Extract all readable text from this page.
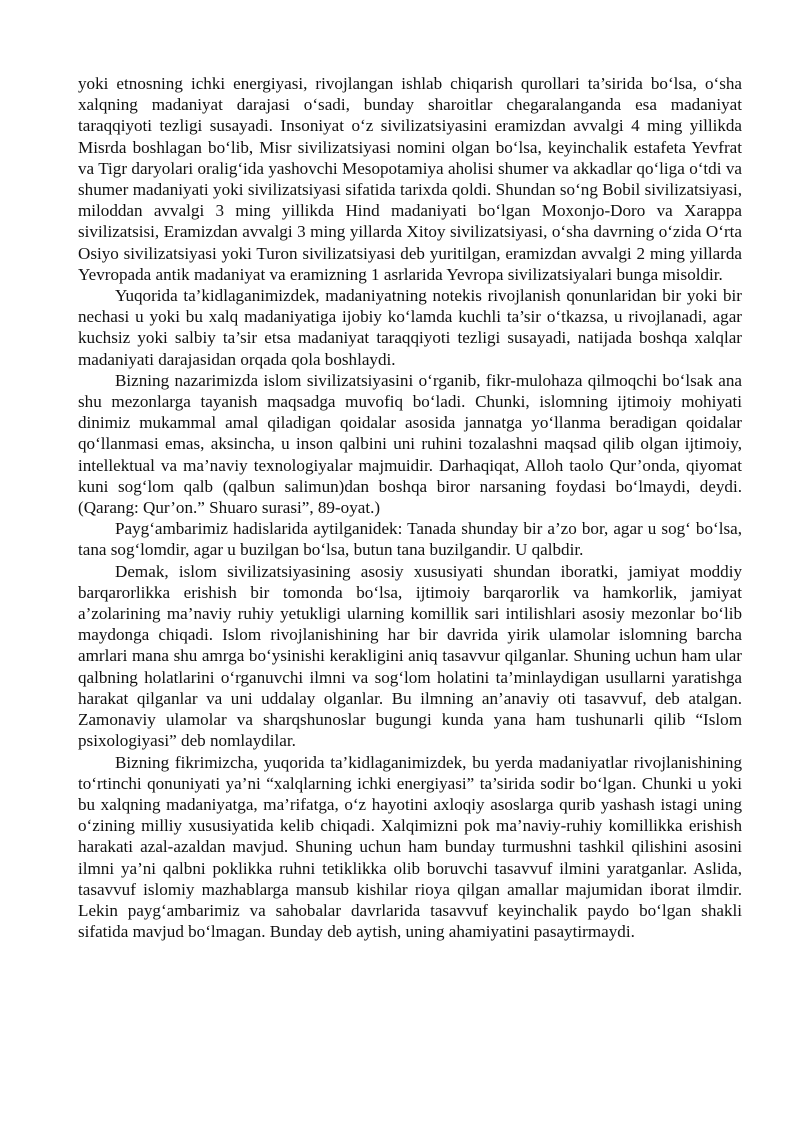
yoki etnosning ichki energiyasi, rivojlangan ishlab chiqarish qurollari ta’sirida bo‘lsa, o‘sha xalqning madaniyat darajasi o‘sadi, bunday sharoitlar chegaralanganda esa madaniyat taraqqiyoti tezligi susayadi. Insoniyat o‘z sivilizatsiyasini eramizdan avvalgi 4 ming yillikda Misrda boshlagan bo‘lib, Misr sivilizatsiyasi nomini olgan bo‘lsa, keyinchalik estafeta Yevfrat va Tigr daryolari oralig‘ida yashovchi Mesopotamiya aholisi shumer va akkadlar qo‘liga o‘tdi va shumer madaniyati yoki sivilizatsiyasi sifatida tarixda qoldi. Shundan so‘ng Bobil sivilizatsiyasi, miloddan avvalgi 3 ming yillikda Hind madaniyati bo‘lgan Moxonjo-Doro va Xarappa sivilizatsisi, Eramizdan avvalgi 3 ming yillarda Xitoy sivilizatsiyasi, o‘sha davrning o‘zida O‘rta Osiyo sivilizatsiyasi yoki Turon sivilizatsiyasi deb yuritilgan, eramizdan avvalgi 2 ming yillarda Yevropada antik madaniyat va eramizning 1 asrlarida Yevropa sivilizatsiyalari bunga misoldir.

Yuqorida ta’kidlaganimizdek, madaniyatning notekis rivojlanish qonunlaridan bir yoki bir nechasi u yoki bu xalq madaniyatiga ijobiy ko‘lamda kuchli ta’sir o‘tkazsa, u rivojlanadi, agar kuchsiz yoki salbiy ta’sir etsa madaniyat taraqqiyoti tezligi susayadi, natijada boshqa xalqlar madaniyati darajasidan orqada qola boshlaydi.

Bizning nazarimizda islom sivilizatsiyasini o‘rganib, fikr-mulohaza qilmoqchi bo‘lsak ana shu mezonlarga tayanish maqsadga muvofiq bo‘ladi. Chunki, islomning ijtimoiy mohiyati dinimiz mukammal amal qiladigan qoidalar asosida jannatga yo‘llanma beradigan qoidalar qo‘llanmasi emas, aksincha, u inson qalbini uni ruhini tozalashni maqsad qilib olgan ijtimoiy, intellektual va ma’naviy texnologiyalar majmuidir. Darhaqiqat, Alloh taolo Qur’onda, qiyomat kuni sog‘lom qalb (qalbun salimun)dan boshqa biror narsaning foydasi bo‘lmaydi, deydi. (Qarang: Qur’on.” Shuaro surasi”, 89-oyat.)

Payg‘ambarimiz hadislarida aytilganidek: Tanada shunday bir a’zo bor, agar u sog‘ bo‘lsa, tana sog‘lomdir, agar u buzilgan bo‘lsa, butun tana buzilgandir. U qalbdir.

Demak, islom sivilizatsiyasining asosiy xususiyati shundan iboratki, jamiyat moddiy barqarorlikka erishish bir tomonda bo‘lsa, ijtimoiy barqarorlik va hamkorlik, jamiyat a’zolarining ma’naviy ruhiy yetukligi ularning komillik sari intilishlari asosiy mezonlar bo‘lib maydonga chiqadi. Islom rivojlanishining har bir davrida yirik ulamolar islomning barcha amrlari mana shu amrga bo‘ysinishi kerakligini aniq tasavvur qilganlar. Shuning uchun ham ular qalbning holatlarini o‘rganuvchi ilmni va sog‘lom holatini ta’minlaydigan usullarni yaratishga harakat qilganlar va uni uddalay olganlar. Bu ilmning an’anaviy oti tasavvuf, deb atalgan. Zamonaviy ulamolar va sharqshunoslar bugungi kunda yana ham tushunarli qilib “Islom psixologiyasi” deb nomlaydilar.

Bizning fikrimizcha, yuqorida ta’kidlaganimizdek, bu yerda madaniyatlar rivojlanishining to‘rtinchi qonuniyati ya’ni “xalqlarning ichki energiyasi” ta’sirida sodir bo‘lgan. Chunki u yoki bu xalqning madaniyatga, ma’rifatga, o‘z hayotini axloqiy asoslarga qurib yashash istagi uning o‘zining milliy xususiyatida kelib chiqadi. Xalqimizni pok ma’naviy-ruhiy komillikka erishish harakati azal-azaldan mavjud. Shuning uchun ham bunday turmushni tashkil qilishini asosini ilmni ya’ni qalbni poklikka ruhni tetiklikka olib boruvchi tasavvuf ilmini yaratganlar. Aslida, tasavvuf islomiy mazhablarga mansub kishilar rioya qilgan amallar majumidan iborat ilmdir. Lekin payg‘ambarimiz va sahobalar davrlarida tasavvuf keyinchalik paydo bo‘lgan shakli sifatida mavjud bo‘lmagan. Bunday deb aytish, uning ahamiyatini pasaytirmaydi.
